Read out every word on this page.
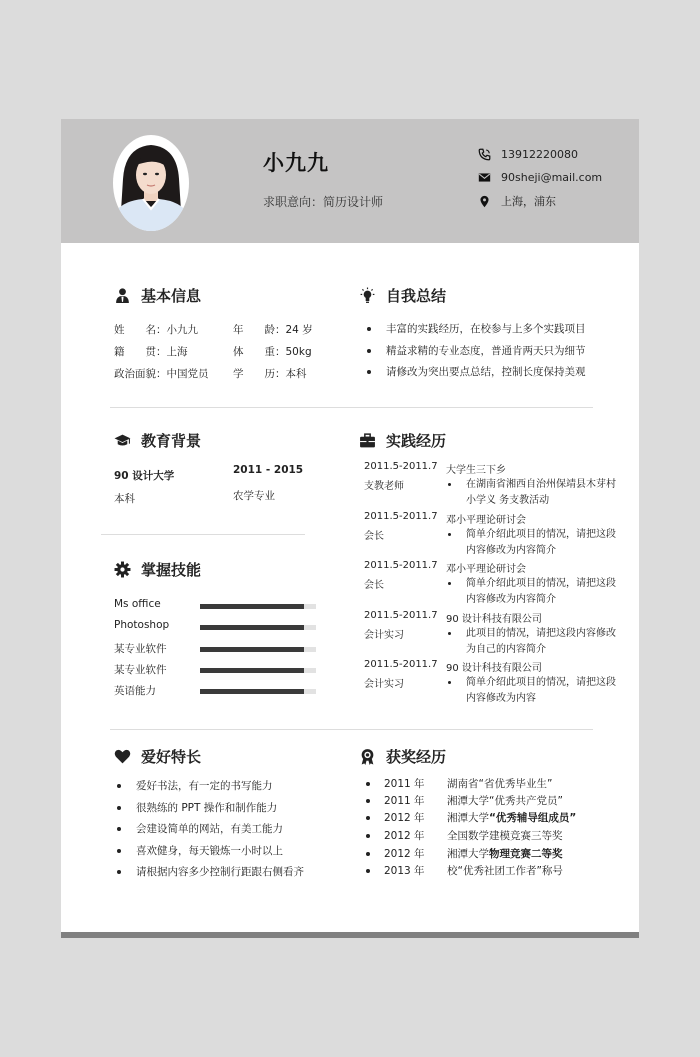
小九九
求职意向：简历设计师
13912220080
90sheji@mail.com
上海，浦东
基本信息
姓　　名：小九九	年　　龄：24 岁
籍　　贯：上海	体　　重：50kg
政治面貌：中国党员 学　　历：本科
自我总结
丰富的实践经历，在校参与上多个实践项目
精益求精的专业态度，普通肯两天只为细节
请修改为突出要点总结，控制长度保持美观
教育背景
90 设计大学	2011 - 2015
本科	农学专业
掌握技能
Ms office
Photoshop
某专业软件
某专业软件
英语能力
实践经历
2011.5-2011.7
支教老师
大学生三下乡
在湖南省湘西自治州保靖县木芽村小学义 务支教活动
2011.5-2011.7
会长
邓小平理论研讨会
简单介绍此项目的情况，请把这段内容修改为内容简介
2011.5-2011.7
会长
邓小平理论研讨会
简单介绍此项目的情况，请把这段内容修改为内容简介
2011.5-2011.7
会计实习
90 设计科技有限公司
此项目的情况，请把这段内容修改为自己的内容简介
2011.5-2011.7
会计实习
90 设计科技有限公司
简单介绍此项目的情况，请把这段内容修改为内容
爱好特长
爱好书法，有一定的书写能力
很熟练的 PPT 操作和制作能力
会建设简单的网站，有美工能力
喜欢健身，每天锻炼一小时以上
请根据内容多少控制行距跟右侧看齐
获奖经历
2011 年 湖南省“省优秀毕业生”
2011 年 湘潭大学“优秀共产党员”
2012 年 湘潭大学“优秀辅导组成员”
2012 年 全国数学建模竞赛三等奖
2012 年 湘潭大学物理竞赛二等奖
2013 年 校“优秀社团工作者”称号
